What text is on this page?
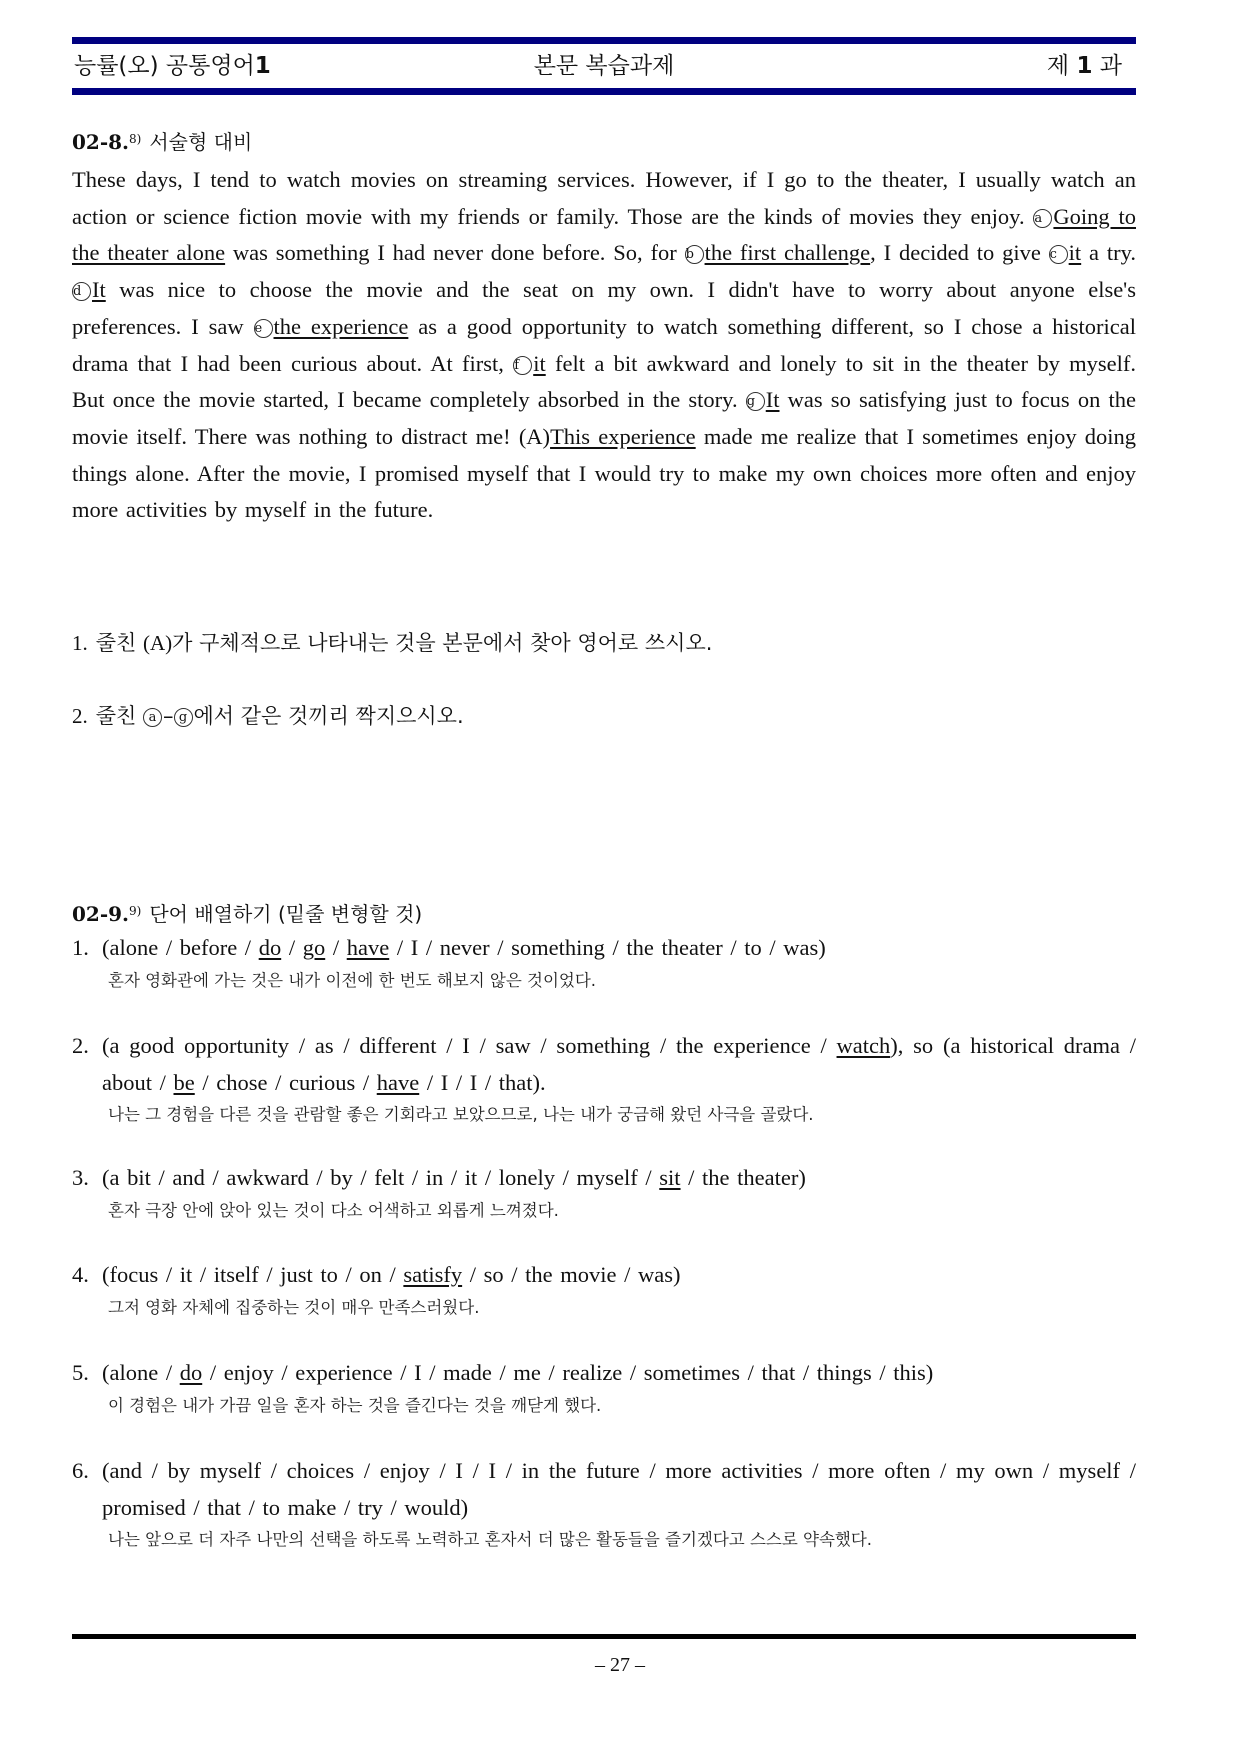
능률(오) 공통영어1	본문 복습과제	제 1 과
02-8.$^{8)}$ 서술형 대비
These days, I tend to watch movies on streaming services. However, if I go to the theater, I usually watch an action or science fiction movie with my friends or family. Those are the kinds of movies they enjoy. a Going to the theater alone was something I had never done before. So, for b the first challenge, I decided to give c it a try. d It was nice to choose the movie and the seat on my own. I didn't have to worry about anyone else's preferences. I saw e the experience as a good opportunity to watch something different, so I chose a historical drama that I had been curious about. At first, f it felt a bit awkward and lonely to sit in the theater by myself. But once the movie started, I became completely absorbed in the story. g It was so satisfying just to focus on the movie itself. There was nothing to distract me! (A)This experience made me realize that I sometimes enjoy doing things alone. After the movie, I promised myself that I would try to make my own choices more often and enjoy more activities by myself in the future.
1. 줄친 (A)가 구체적으로 나타내는 것을 본문에서 찾아 영어로 쓰시오.
2. 줄친 a – g 에서 같은 것끼리 짝지으시오.
02-9.$^{9)}$ 단어 배열하기 (밑줄 변형할 것)
1. (alone / before / do / go / have / I / never / something / the theater / to / was)
혼자 영화관에 가는 것은 내가 이전에 한 번도 해보지 않은 것이었다.
2. (a good opportunity / as / different / I / saw / something / the experience / watch), so (a historical drama / about / be / chose / curious / have / I / I / that).
나는 그 경험을 다른 것을 관람할 좋은 기회라고 보았으므로, 나는 내가 궁금해 왔던 사극을 골랐다.
3. (a bit / and / awkward / by / felt / in / it / lonely / myself / sit / the theater)
혼자 극장 안에 앉아 있는 것이 다소 어색하고 외롭게 느껴졌다.
4. (focus / it / itself / just to / on / satisfy / so / the movie / was)
그저 영화 자체에 집중하는 것이 매우 만족스러웠다.
5. (alone / do / enjoy / experience / I / made / me / realize / sometimes / that / things / this)
이 경험은 내가 가끔 일을 혼자 하는 것을 즐긴다는 것을 깨닫게 했다.
6. (and / by myself / choices / enjoy / I / I / in the future / more activities / more often / my own / myself / promised / that / to make / try / would)
나는 앞으로 더 자주 나만의 선택을 하도록 노력하고 혼자서 더 많은 활동들을 즐기겠다고 스스로 약속했다.
– 27 –
